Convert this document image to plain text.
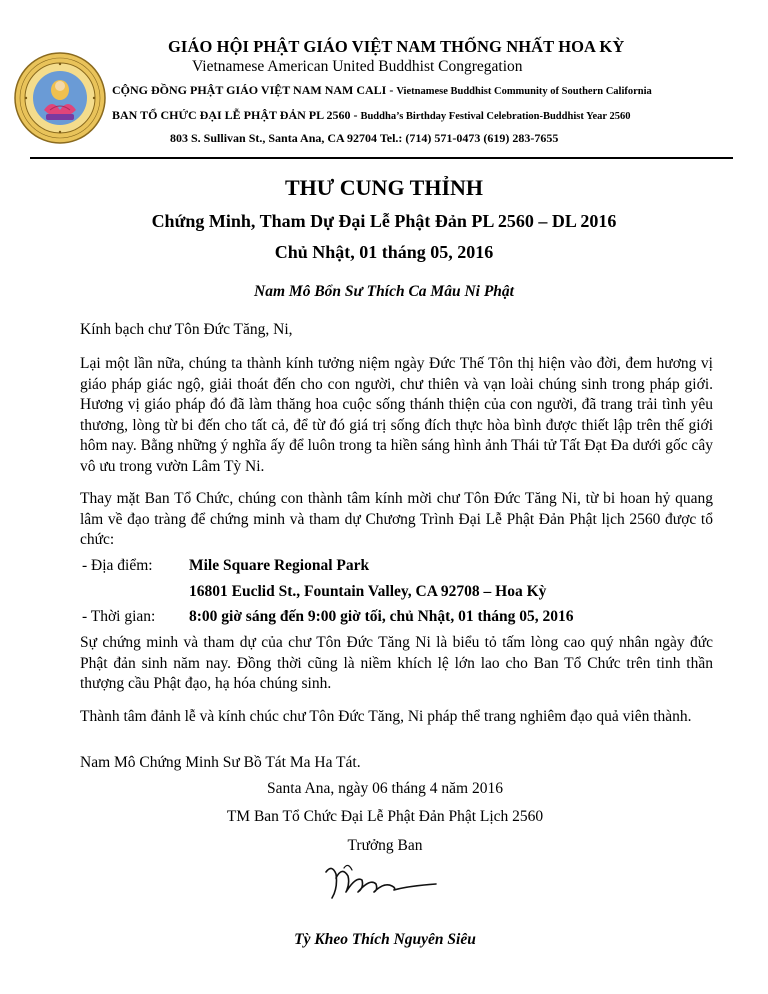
GIÁO HỘI PHẬT GIÁO VIỆT NAM THỐNG NHẤT HOA KỲ
Vietnamese American United Buddhist Congregation
CỘNG ĐỒNG PHẬT GIÁO VIỆT NAM NAM CALI - Vietnamese Buddhist Community of Southern California
BAN TỔ CHỨC ĐẠI LỄ PHẬT ĐẢN PL 2560 - Buddha’s Birthday Festival Celebration-Buddhist Year 2560
803 S. Sullivan St., Santa Ana, CA 92704 Tel.: (714) 571-0473 (619) 283-7655
THƯ CUNG THỈNH
Chứng Minh, Tham Dự Đại Lễ Phật Đản PL 2560 – DL 2016
Chủ Nhật, 01 tháng 05, 2016
Nam Mô Bổn Sư Thích Ca Mâu Ni Phật
Kính bạch chư Tôn Đức Tăng, Ni,
Lại một lần nữa, chúng ta thành kính tưởng niệm ngày Đức Thế Tôn thị hiện vào đời, đem hương vị giáo pháp giác ngộ, giải thoát đến cho con người, chư thiên và vạn loài chúng sinh trong pháp giới. Hương vị giáo pháp đó đã làm thăng hoa cuộc sống thánh thiện của con người, đã trang trải tình yêu thương, lòng từ bi đến cho tất cả, để từ đó giá trị sống đích thực hòa bình được thiết lập trên thế giới hôm nay. Bằng những ý nghĩa ấy để luôn trong ta hiền sáng hình ảnh Thái tử Tất Đạt Đa dưới gốc cây vô ưu trong vườn Lâm Tỳ Ni.
Thay mặt Ban Tổ Chức, chúng con thành tâm kính mời chư Tôn Đức Tăng Ni, từ bi hoan hỷ quang lâm về đạo tràng để chứng minh và tham dự Chương Trình Đại Lễ Phật Đản Phật lịch 2560 được tổ chức:
- Địa điểm: Mile Square Regional Park
16801 Euclid St., Fountain Valley, CA 92708 – Hoa Kỳ
- Thời gian: 8:00 giờ sáng đến 9:00 giờ tối, chủ Nhật, 01 tháng 05, 2016
Sự chứng minh và tham dự của chư Tôn Đức Tăng Ni là biểu tỏ tấm lòng cao quý nhân ngày đức Phật đản sinh năm nay. Đồng thời cũng là niềm khích lệ lớn lao cho Ban Tổ Chức trên tinh thần thượng cầu Phật đạo, hạ hóa chúng sinh.
Thành tâm đảnh lễ và kính chúc chư Tôn Đức Tăng, Ni pháp thể trang nghiêm đạo quả viên thành.
Nam Mô Chứng Minh Sư Bồ Tát Ma Ha Tát.
Santa Ana, ngày 06 tháng 4 năm 2016
TM Ban Tổ Chức Đại Lễ Phật Đản Phật Lịch 2560
Trưởng Ban
Tỳ Kheo Thích Nguyên Siêu
